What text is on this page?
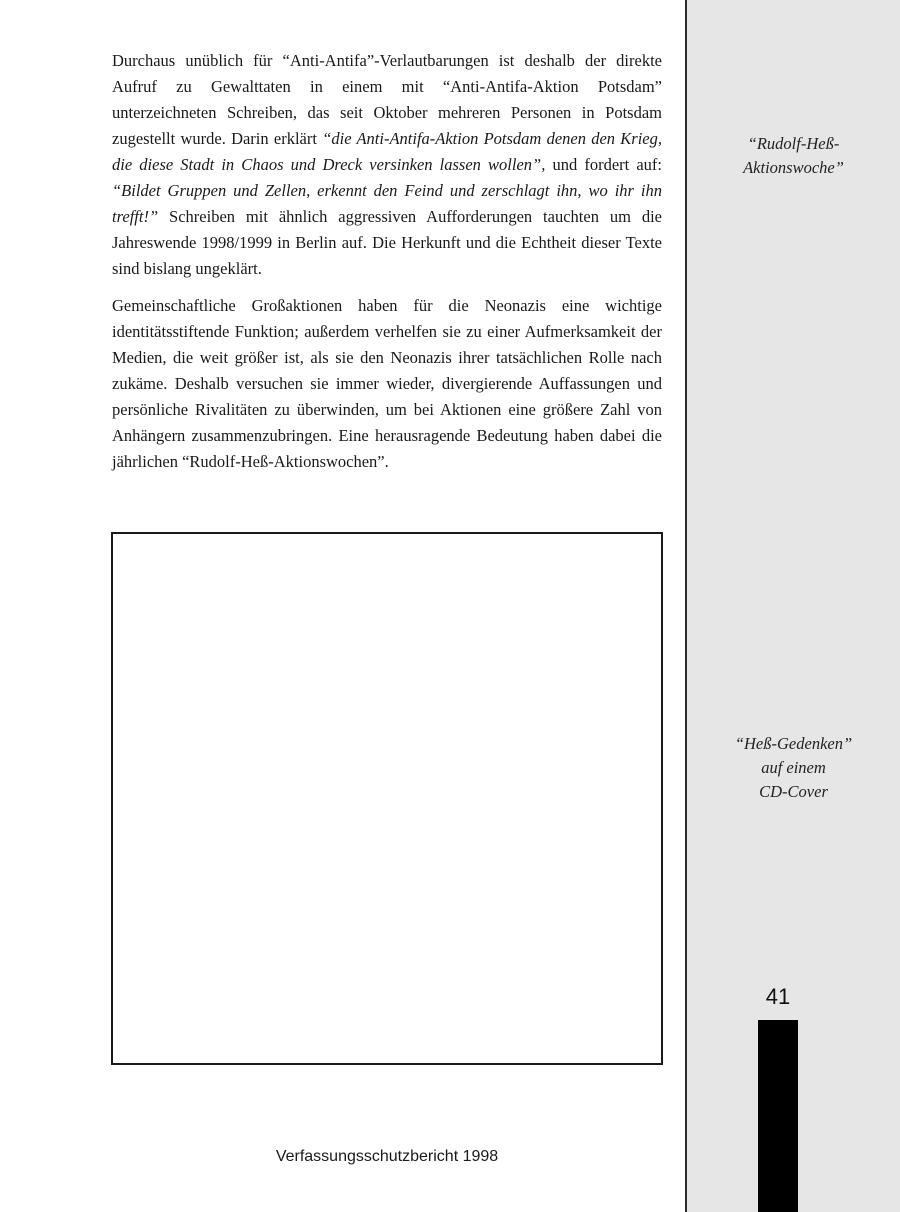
Durchaus unüblich für “Anti-Antifa”-Verlautbarungen ist deshalb der direkte Aufruf zu Gewalttaten in einem mit “Anti-Antifa-Aktion Potsdam” unterzeichneten Schreiben, das seit Oktober mehreren Personen in Potsdam zugestellt wurde. Darin erklärt “die Anti-Antifa-Aktion Potsdam denen den Krieg, die diese Stadt in Chaos und Dreck versinken lassen wollen”, und fordert auf: “Bildet Gruppen und Zellen, erkennt den Feind und zerschlagt ihn, wo ihr ihn trefft!” Schreiben mit ähnlich aggressiven Aufforderungen tauchten um die Jahreswende 1998/1999 in Berlin auf. Die Herkunft und die Echtheit dieser Texte sind bislang ungeklärt.

Gemeinschaftliche Großaktionen haben für die Neonazis eine wichtige identitätsstiftende Funktion; außerdem verhelfen sie zu einer Aufmerksamkeit der Medien, die weit größer ist, als sie den Neonazis ihrer tatsächlichen Rolle nach zukäme. Deshalb versuchen sie immer wieder, divergierende Auffassungen und persönliche Rivalitäten zu überwinden, um bei Aktionen eine größere Zahl von Anhängern zusammenzubringen. Eine herausragende Bedeutung haben dabei die jährlichen “Rudolf-Heß-Aktionswochen”.

Verfassungsschutzbericht 1998
“Rudolf-Heß-
Aktionswoche”
“Heß-Gedenken”
auf einem
CD-Cover
41
